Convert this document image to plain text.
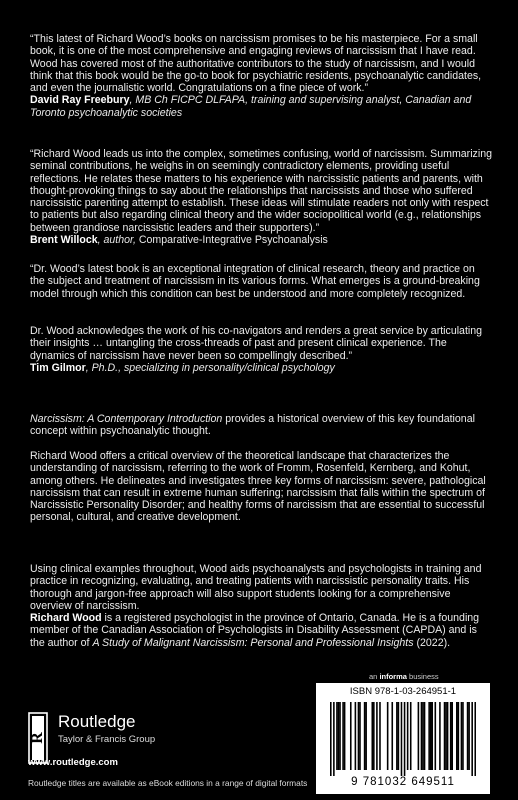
“This latest of Richard Wood’s books on narcissism promises to be his masterpiece. For a small book, it is one of the most comprehensive and engaging reviews of narcissism that I have read. Wood has covered most of the authoritative contributors to the study of narcissism, and I would think that this book would be the go-to book for psychiatric residents, psychoanalytic candidates, and even the journalistic world. Congratulations on a fine piece of work.”
David Ray Freebury, MB Ch FICPC DLFAPA, training and supervising analyst, Canadian and Toronto psychoanalytic societies

“Richard Wood leads us into the complex, sometimes confusing, world of narcissism. Summarizing seminal contributions, he weighs in on seemingly contradictory elements, providing useful reflections. He relates these matters to his experience with narcissistic patients and parents, with thought-provoking things to say about the relationships that narcissists and those who suffered narcissistic parenting attempt to establish. These ideas will stimulate readers not only with respect to patients but also regarding clinical theory and the wider sociopolitical world (e.g., relationships between grandiose narcissistic leaders and their supporters).”
Brent Willock, author, Comparative-Integrative Psychoanalysis

“Dr. Wood’s latest book is an exceptional integration of clinical research, theory and practice on the subject and treatment of narcissism in its various forms. What emerges is a ground-breaking model through which this condition can best be understood and more completely recognized.

Dr. Wood acknowledges the work of his co-navigators and renders a great service by articulating their insights … untangling the cross-threads of past and present clinical experience. The dynamics of narcissism have never been so compellingly described.”
Tim Gilmor, Ph.D., specializing in personality/clinical psychology

Narcissism: A Contemporary Introduction provides a historical overview of this key foundational concept within psychoanalytic thought.

Richard Wood offers a critical overview of the theoretical landscape that characterizes the understanding of narcissism, referring to the work of Fromm, Rosenfeld, Kernberg, and Kohut, among others. He delineates and investigates three key forms of narcissism: severe, pathological narcissism that can result in extreme human suffering; narcissism that falls within the spectrum of Narcissistic Personality Disorder; and healthy forms of narcissism that are essential to successful personal, cultural, and creative development.

Using clinical examples throughout, Wood aids psychoanalysts and psychologists in training and practice in recognizing, evaluating, and treating patients with narcissistic personality traits. His thorough and jargon-free approach will also support students looking for a comprehensive overview of narcissism.

Richard Wood is a registered psychologist in the province of Ontario, Canada. He is a founding member of the Canadian Association of Psychologists in Disability Assessment (CAPDA) and is the author of A Study of Malignant Narcissism: Personal and Professional Insights (2022).

an informa business
R
Routledge
Taylor & Francis Group
www.routledge.com
Routledge titles are available as eBook editions in a range of digital formats
ISBN 978-1-03-264951-1
9 781032 649511
